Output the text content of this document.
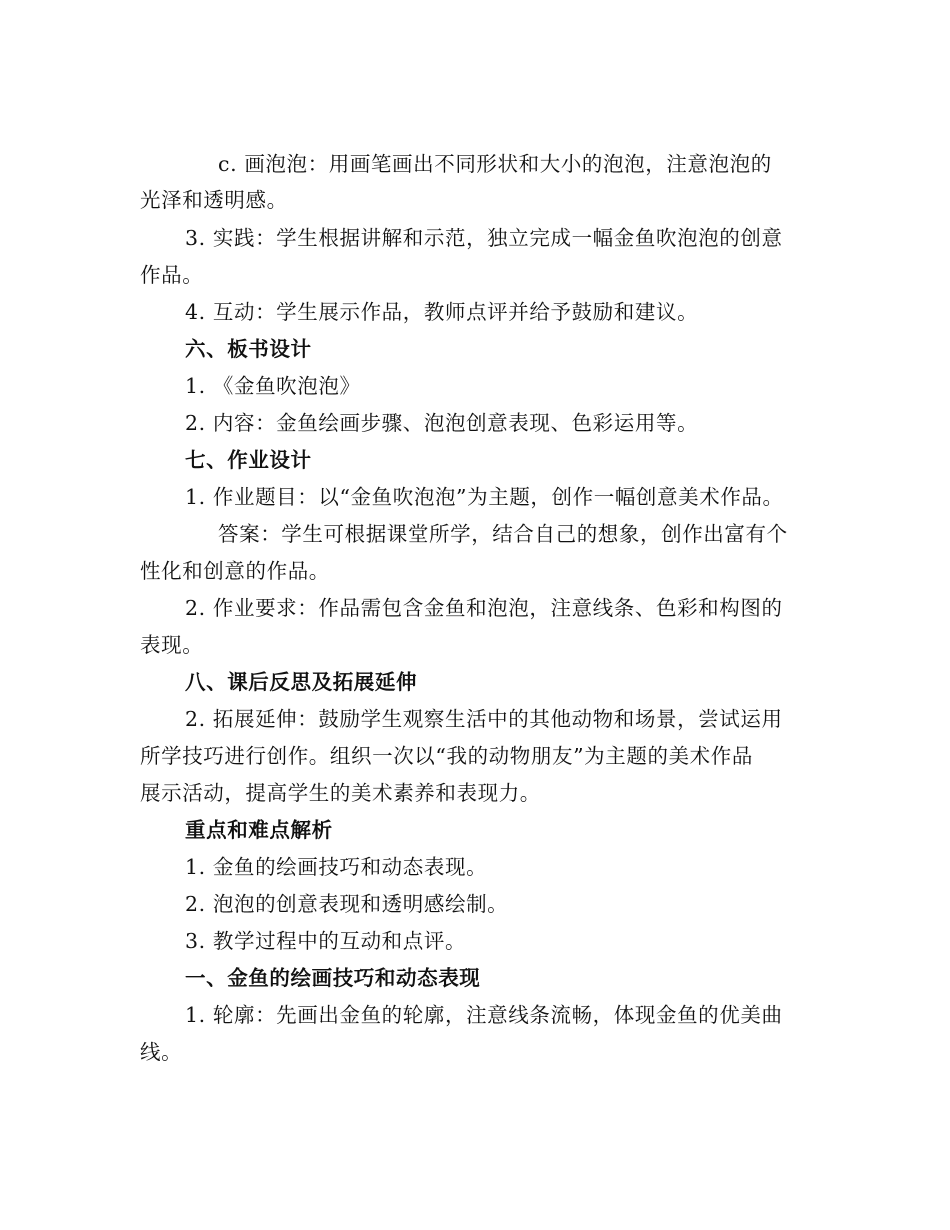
c. 画泡泡：用画笔画出不同形状和大小的泡泡，注意泡泡的
光泽和透明感。
3. 实践：学生根据讲解和示范，独立完成一幅金鱼吹泡泡的创意
作品。
4. 互动：学生展示作品，教师点评并给予鼓励和建议。
六、板书设计
1. 《金鱼吹泡泡》
2. 内容：金鱼绘画步骤、泡泡创意表现、色彩运用等。
七、作业设计
1. 作业题目：以“金鱼吹泡泡”为主题，创作一幅创意美术作品。
答案：学生可根据课堂所学，结合自己的想象，创作出富有个
性化和创意的作品。
2. 作业要求：作品需包含金鱼和泡泡，注意线条、色彩和构图的
表现。
八、课后反思及拓展延伸
2. 拓展延伸：鼓励学生观察生活中的其他动物和场景，尝试运用
所学技巧进行创作。组织一次以“我的动物朋友”为主题的美术作品
展示活动，提高学生的美术素养和表现力。
重点和难点解析
1. 金鱼的绘画技巧和动态表现。
2. 泡泡的创意表现和透明感绘制。
3. 教学过程中的互动和点评。
一、金鱼的绘画技巧和动态表现
1. 轮廓：先画出金鱼的轮廓，注意线条流畅，体现金鱼的优美曲
线。
